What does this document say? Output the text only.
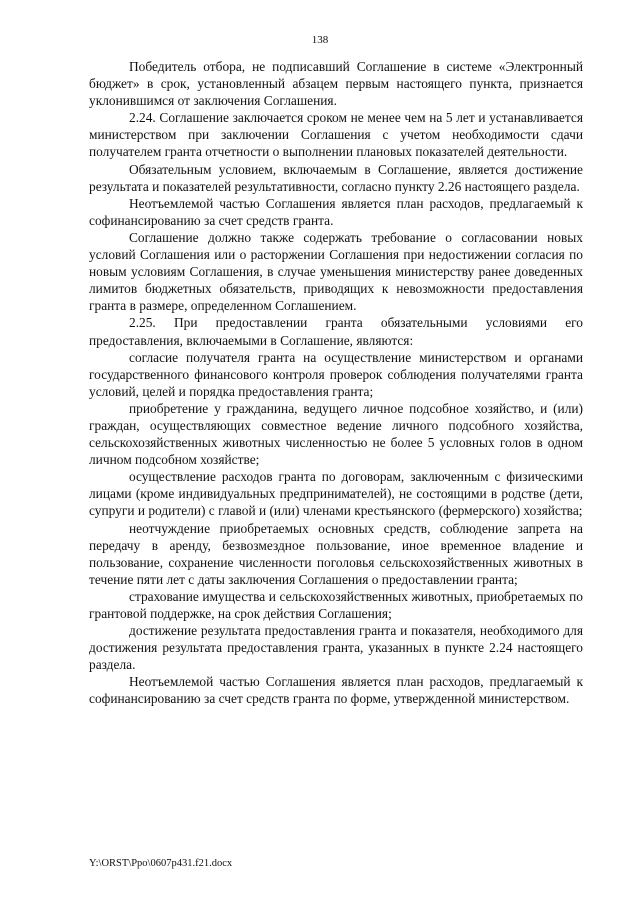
138

Победитель отбора, не подписавший Соглашение в системе «Электронный бюджет» в срок, установленный абзацем первым настоящего пункта, признается уклонившимся от заключения Соглашения.

2.24. Соглашение заключается сроком не менее чем на 5 лет и устанавливается министерством при заключении Соглашения с учетом необходимости сдачи получателем гранта отчетности о выполнении плановых показателей деятельности.

Обязательным условием, включаемым в Соглашение, является достижение результата и показателей результативности, согласно пункту 2.26 настоящего раздела.

Неотъемлемой частью Соглашения является план расходов, предлагаемый к софинансированию за счет средств гранта.

Соглашение должно также содержать требование о согласовании новых условий Соглашения или о расторжении Соглашения при недостижении согласия по новым условиям Соглашения, в случае уменьшения министерству ранее доведенных лимитов бюджетных обязательств, приводящих к невозможности предоставления гранта в размере, определенном Соглашением.

2.25. При предоставлении гранта обязательными условиями его предоставления, включаемыми в Соглашение, являются:

согласие получателя гранта на осуществление министерством и органами государственного финансового контроля проверок соблюдения получателями гранта условий, целей и порядка предоставления гранта;

приобретение у гражданина, ведущего личное подсобное хозяйство, и (или) граждан, осуществляющих совместное ведение личного подсобного хозяйства, сельскохозяйственных животных численностью не более 5 условных голов в одном личном подсобном хозяйстве;

осуществление расходов гранта по договорам, заключенным с физическими лицами (кроме индивидуальных предпринимателей), не состоящими в родстве (дети, супруги и родители) с главой и (или) членами крестьянского (фермерского) хозяйства;

неотчуждение приобретаемых основных средств, соблюдение запрета на передачу в аренду, безвозмездное пользование, иное временное владение и пользование, сохранение численности поголовья сельскохозяйственных животных в течение пяти лет с даты заключения Соглашения о предоставлении гранта;

страхование имущества и сельскохозяйственных животных, приобретаемых по грантовой поддержке, на срок действия Соглашения;

достижение результата предоставления гранта и показателя, необходимого для достижения результата предоставления гранта, указанных в пункте 2.24 настоящего раздела.

Неотъемлемой частью Соглашения является план расходов, предлагаемый к софинансированию за счет средств гранта по форме, утвержденной министерством.

Y:\ORST\Ppo\0607p431.f21.docx
